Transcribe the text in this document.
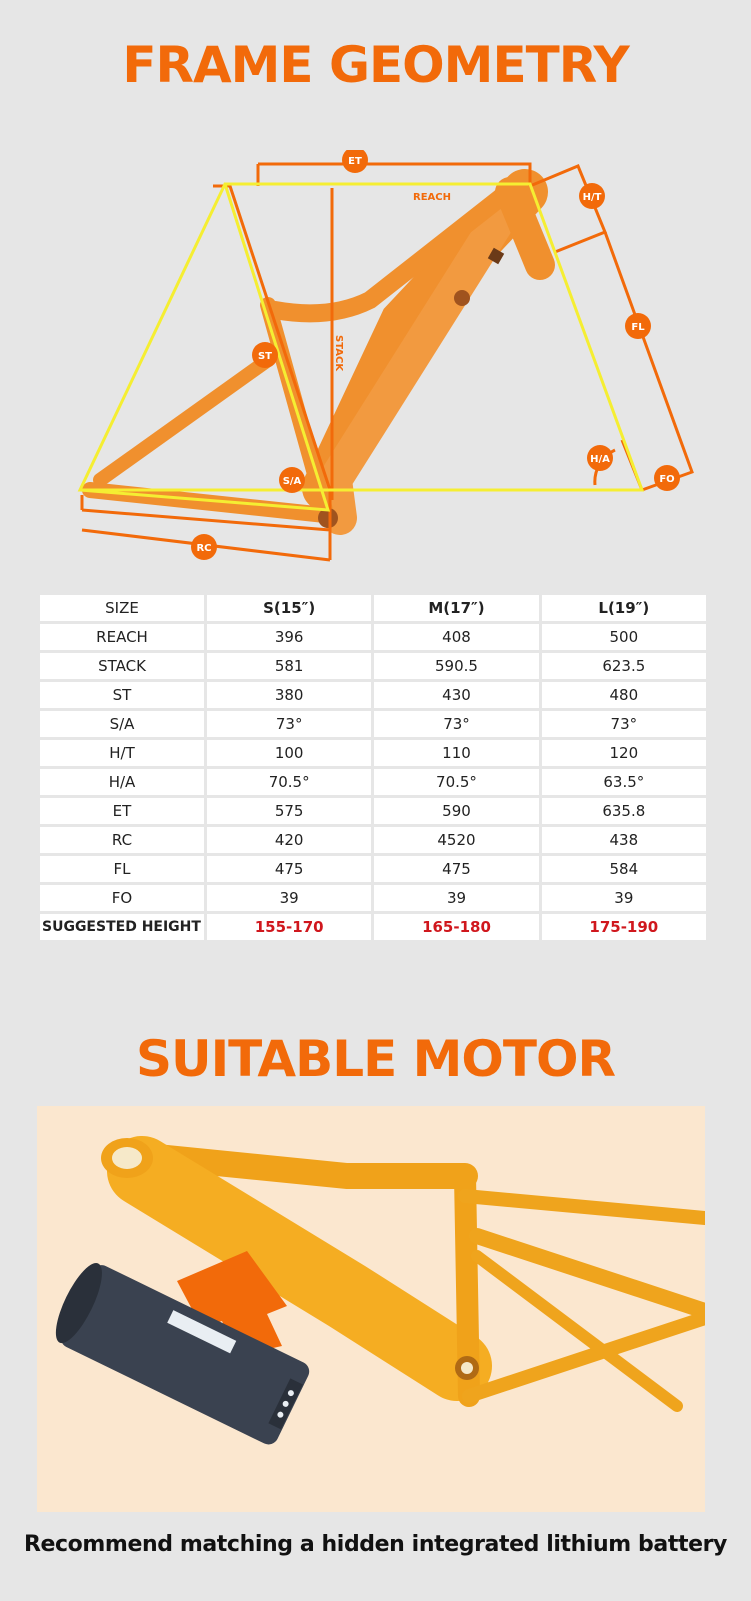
FRAME GEOMETRY
ET
REACH	H/T
FL
ST	STACK
S/A
H/A
FO
RC
SIZE	S(15″)	M(17″)	L(19″)
REACH	396	408	500
STACK	581	590.5	623.5
ST	380	430	480
S/A	73°	73°	73°
H/T	100	110	120
H/A	70.5°	70.5°	63.5°
ET	575	590	635.8
RC	420	4520	438
FL	475	475	584
FO	39	39	39
SUGGESTED HEIGHT	155-170	165-180	175-190
SUITABLE MOTOR
Recommend matching a hidden integrated lithium battery
